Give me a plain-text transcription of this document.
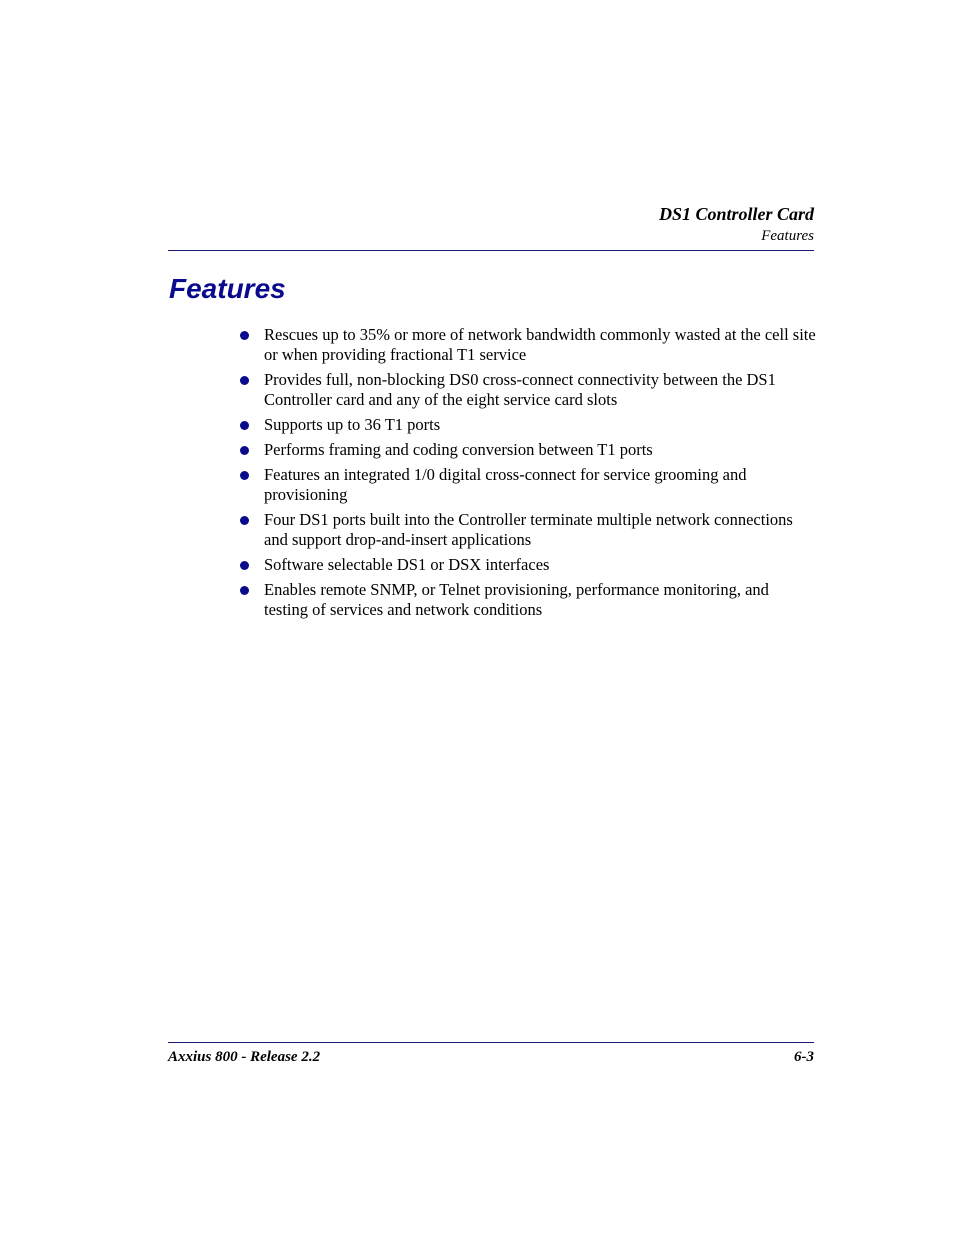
DS1 Controller Card
Features
Features
Rescues up to 35% or more of network bandwidth commonly wasted at the cell site or when providing fractional T1 service
Provides full, non-blocking DS0 cross-connect connectivity between the DS1 Controller card and any of the eight service card slots
Supports up to 36 T1 ports
Performs framing and coding conversion between T1 ports
Features an integrated 1/0 digital cross-connect for service grooming and provisioning
Four DS1 ports built into the Controller terminate multiple network connections and support drop-and-insert applications
Software selectable DS1 or DSX interfaces
Enables remote SNMP, or Telnet provisioning, performance monitoring, and testing of services and network conditions
Axxius 800 - Release 2.2	6-3
